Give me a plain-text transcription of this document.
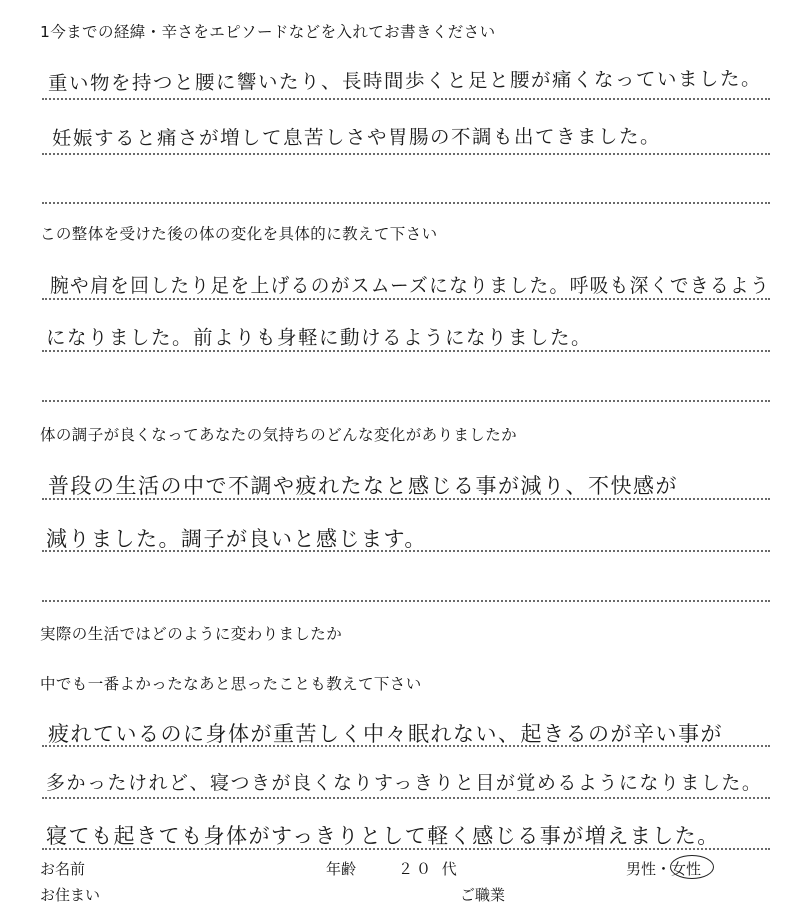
1今までの経緯・辛さをエピソードなどを入れてお書きください
重い物を持つと腰に響いたり、長時間歩くと足と腰が痛くなっていました。
妊娠すると痛さが増して息苦しさや胃腸の不調も出てきました。
この整体を受けた後の体の変化を具体的に教えて下さい
腕や肩を回したり足を上げるのがスムーズになりました。呼吸も深くできるよう
になりました。前よりも身軽に動けるようになりました。
体の調子が良くなってあなたの気持ちのどんな変化がありましたか
普段の生活の中で不調や疲れたなと感じる事が減り、不快感が
減りました。調子が良いと感じます。
実際の生活ではどのように変わりましたか
中でも一番よかったなあと思ったことも教えて下さい
疲れているのに身体が重苦しく中々眠れない、起きるのが辛い事が
多かったけれど、寝つきが良くなりすっきりと目が覚めるようになりました。
寝ても起きても身体がすっきりとして軽く感じる事が増えました。
お名前	年齢	２０ 代	男性・女性
お住まい	ご職業
